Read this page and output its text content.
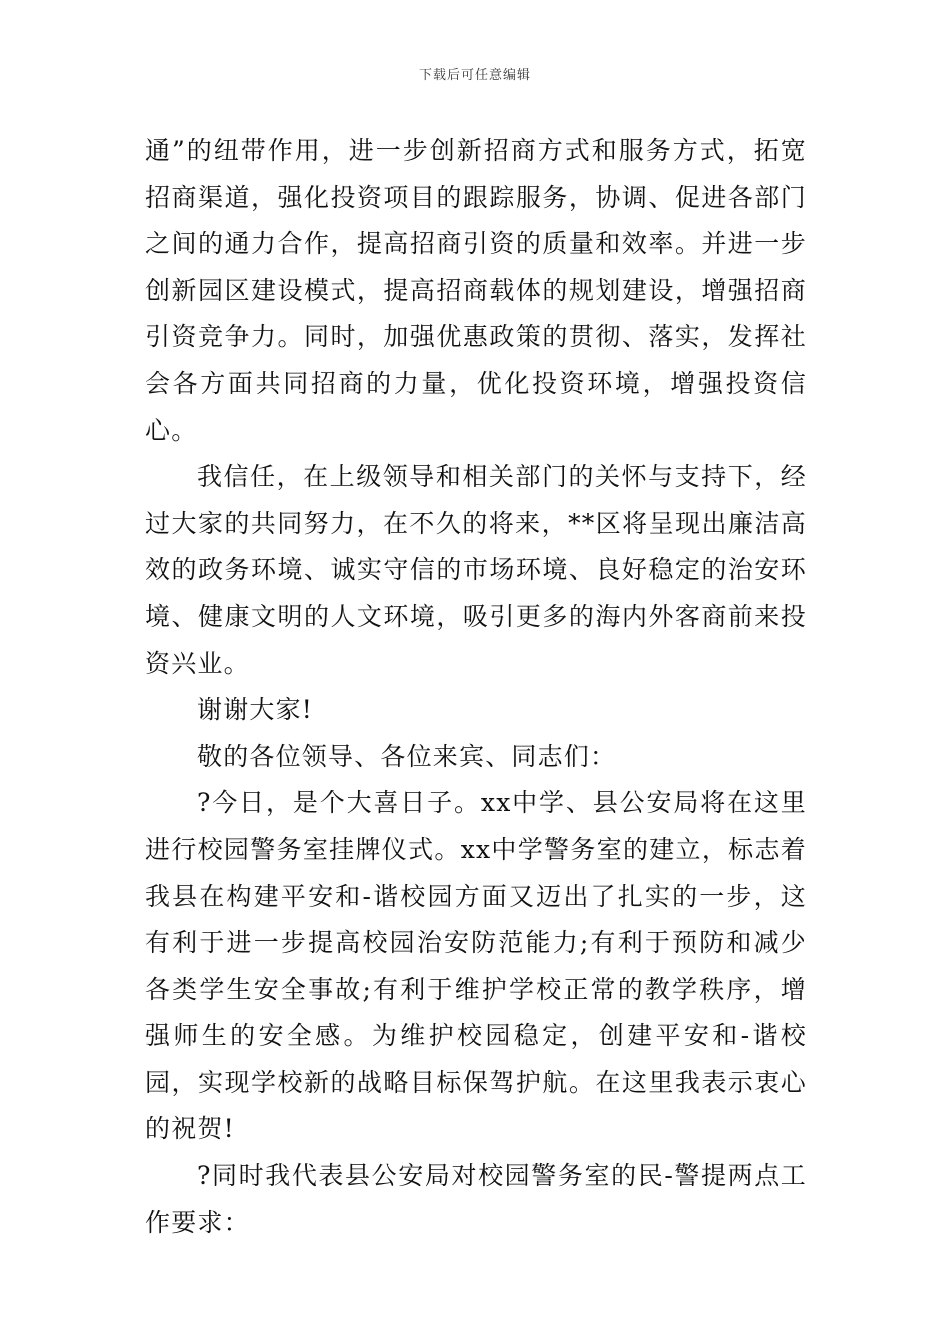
下载后可任意编辑

通”的纽带作用，进一步创新招商方式和服务方式，拓宽招商渠道，强化投资项目的跟踪服务，协调、促进各部门之间的通力合作，提高招商引资的质量和效率。并进一步创新园区建设模式，提高招商载体的规划建设，增强招商引资竞争力。同时，加强优惠政策的贯彻、落实，发挥社会各方面共同招商的力量，优化投资环境，增强投资信心。

我信任，在上级领导和相关部门的关怀与支持下，经过大家的共同努力，在不久的将来，**区将呈现出廉洁高效的政务环境、诚实守信的市场环境、良好稳定的治安环境、健康文明的人文环境，吸引更多的海内外客商前来投资兴业。

谢谢大家!

敬的各位领导、各位来宾、同志们：

?今日，是个大喜日子。xx中学、县公安局将在这里进行校园警务室挂牌仪式。xx中学警务室的建立，标志着我县在构建平安和-谐校园方面又迈出了扎实的一步，这有利于进一步提高校园治安防范能力;有利于预防和减少各类学生安全事故;有利于维护学校正常的教学秩序，增强师生的安全感。为维护校园稳定，创建平安和-谐校园，实现学校新的战略目标保驾护航。在这里我表示衷心的祝贺!

?同时我代表县公安局对校园警务室的民-警提两点工作要求：
